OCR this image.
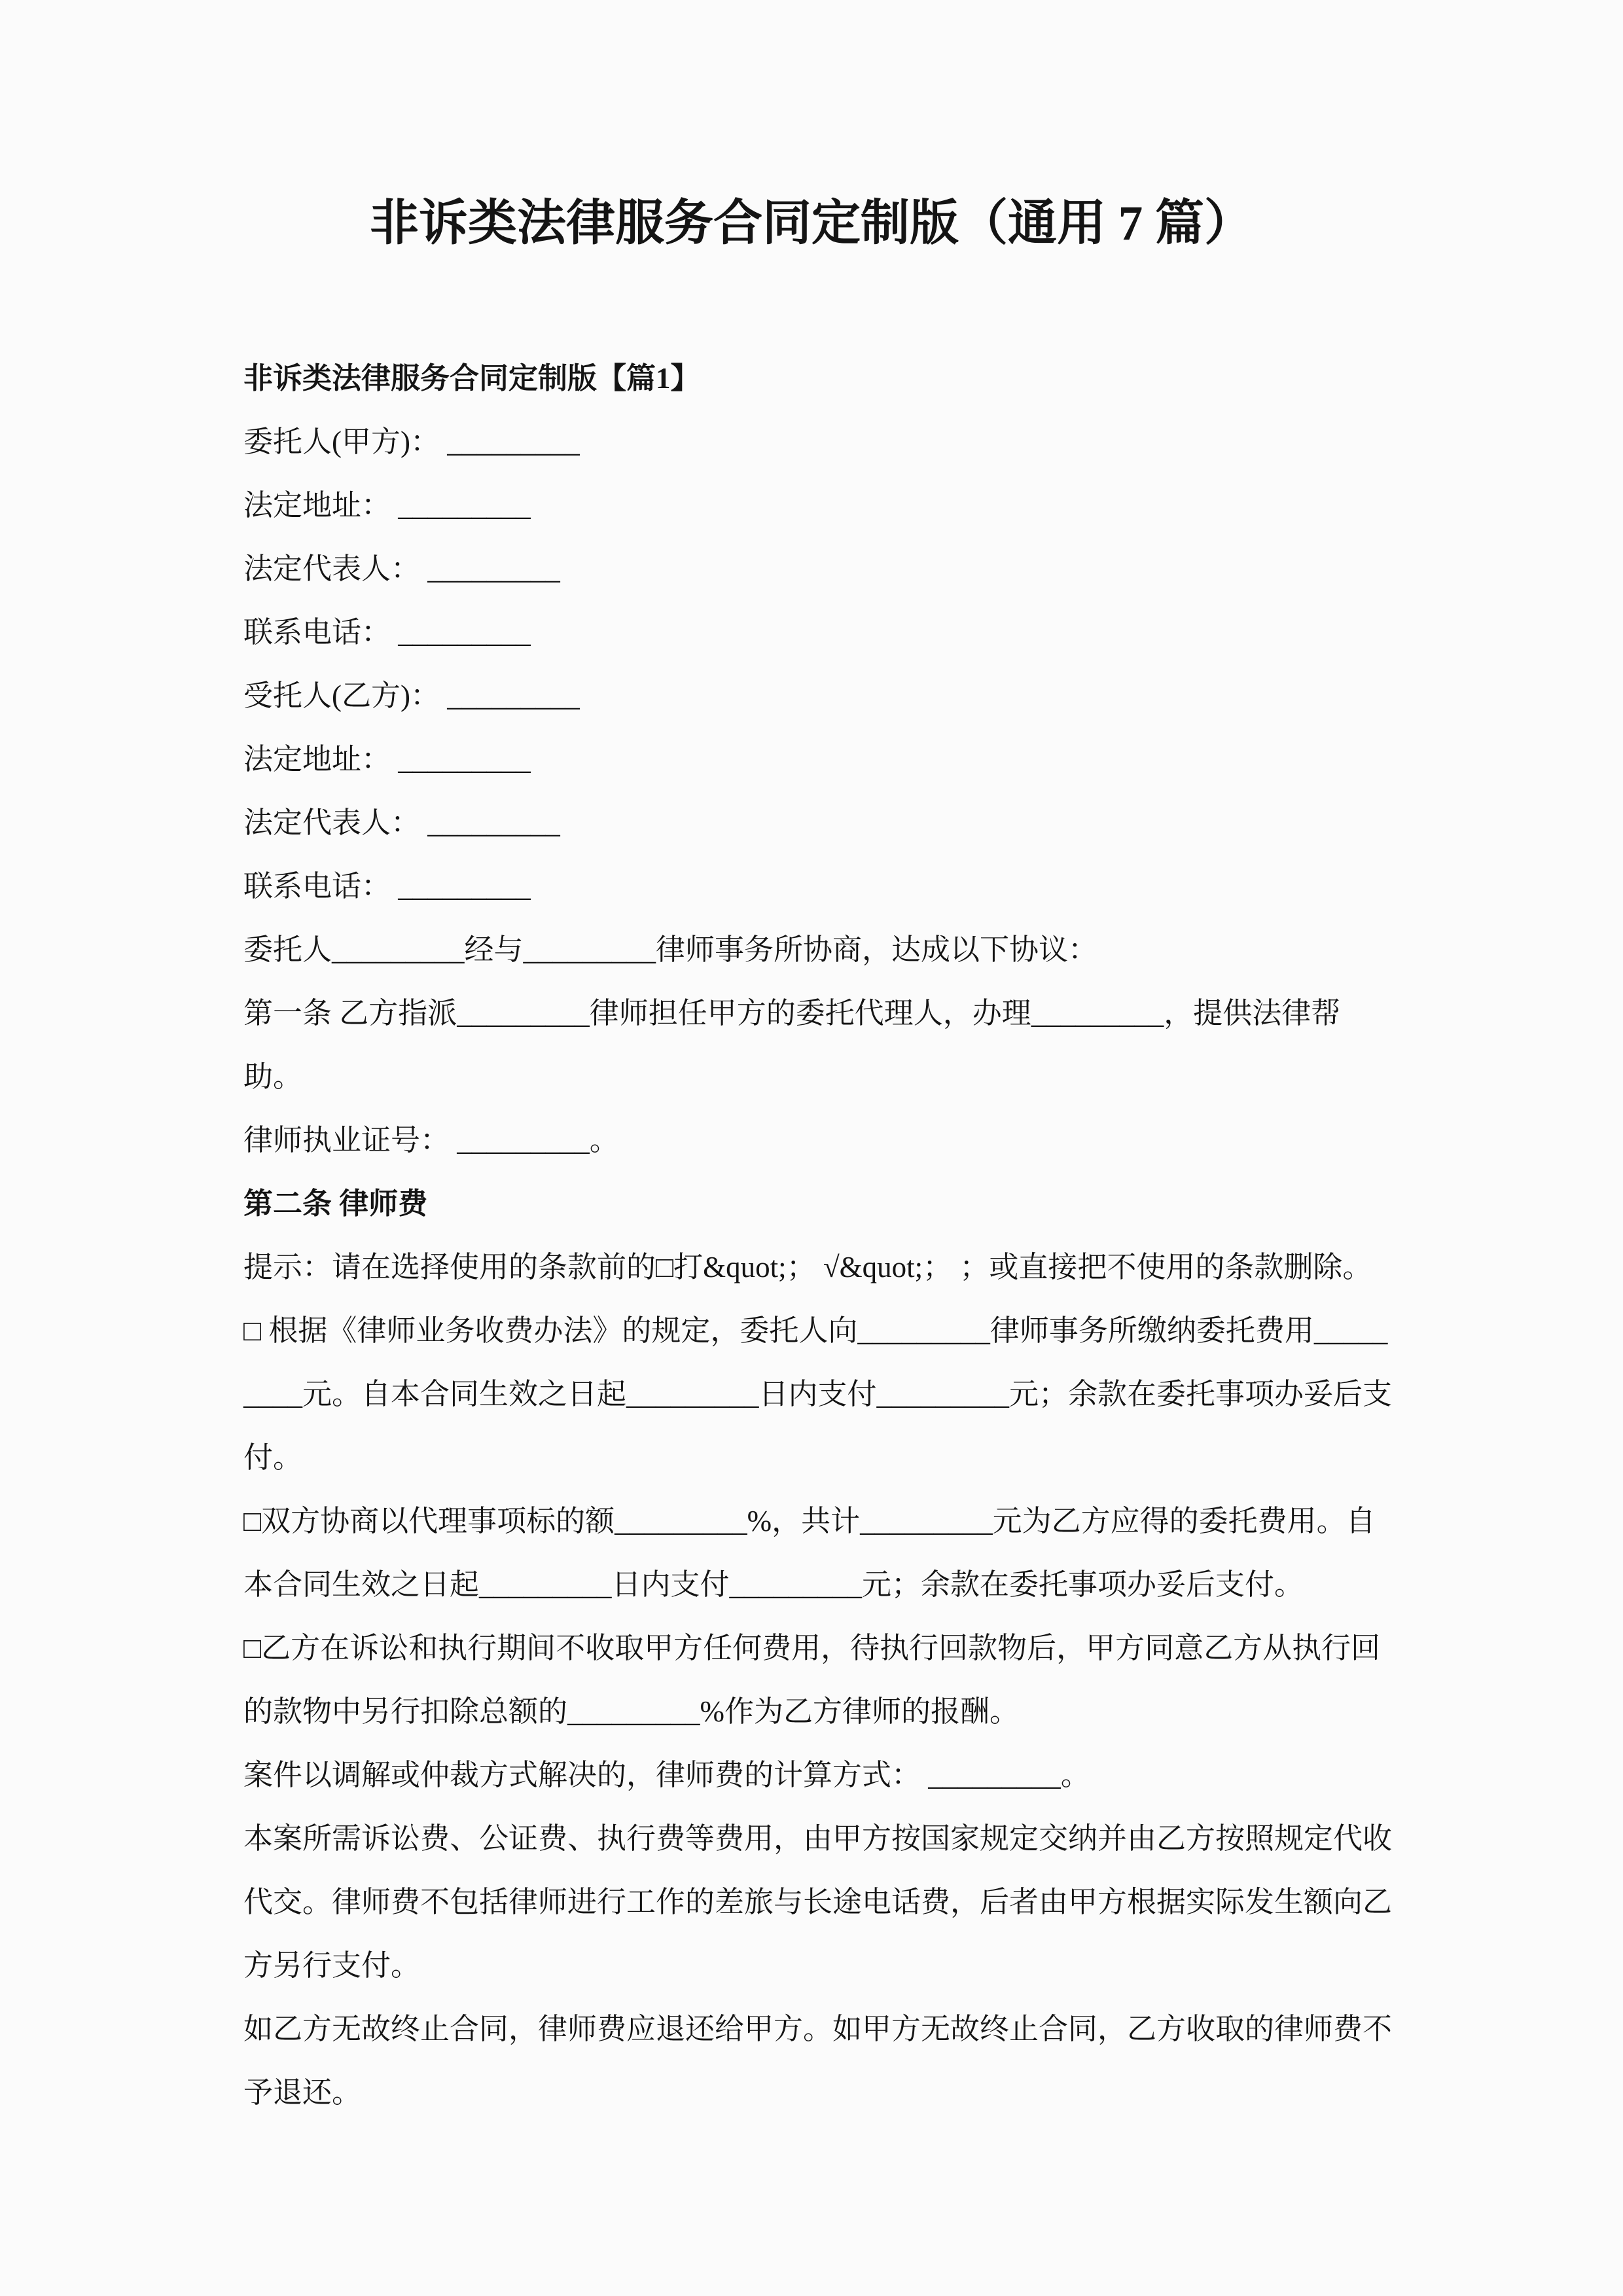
非诉类法律服务合同定制版（通用 7 篇）

非诉类法律服务合同定制版【篇1】

委托人(甲方)： _________

法定地址： _________

法定代表人： _________

联系电话： _________

受托人(乙方)： _________

法定地址： _________

法定代表人： _________

联系电话： _________

委托人_________经与_________律师事务所协商，达成以下协议：

第一条 乙方指派_________律师担任甲方的委托代理人，办理_________，提供法律帮助。

律师执业证号： _________。

第二条 律师费

提示：请在选择使用的条款前的□打&quot;； √&quot;； ；或直接把不使用的条款删除。

□ 根据《律师业务收费办法》的规定，委托人向_________律师事务所缴纳委托费用_________元。自本合同生效之日起_________日内支付_________元；余款在委托事项办妥后支付。

□双方协商以代理事项标的额_________%，共计_________元为乙方应得的委托费用。自本合同生效之日起_________日内支付_________元；余款在委托事项办妥后支付。

□乙方在诉讼和执行期间不收取甲方任何费用，待执行回款物后，甲方同意乙方从执行回的款物中另行扣除总额的_________%作为乙方律师的报酬。

案件以调解或仲裁方式解决的，律师费的计算方式： _________。

本案所需诉讼费、公证费、执行费等费用，由甲方按国家规定交纳并由乙方按照规定代收代交。律师费不包括律师进行工作的差旅与长途电话费，后者由甲方根据实际发生额向乙方另行支付。

如乙方无故终止合同，律师费应退还给甲方。如甲方无故终止合同，乙方收取的律师费不予退还。
